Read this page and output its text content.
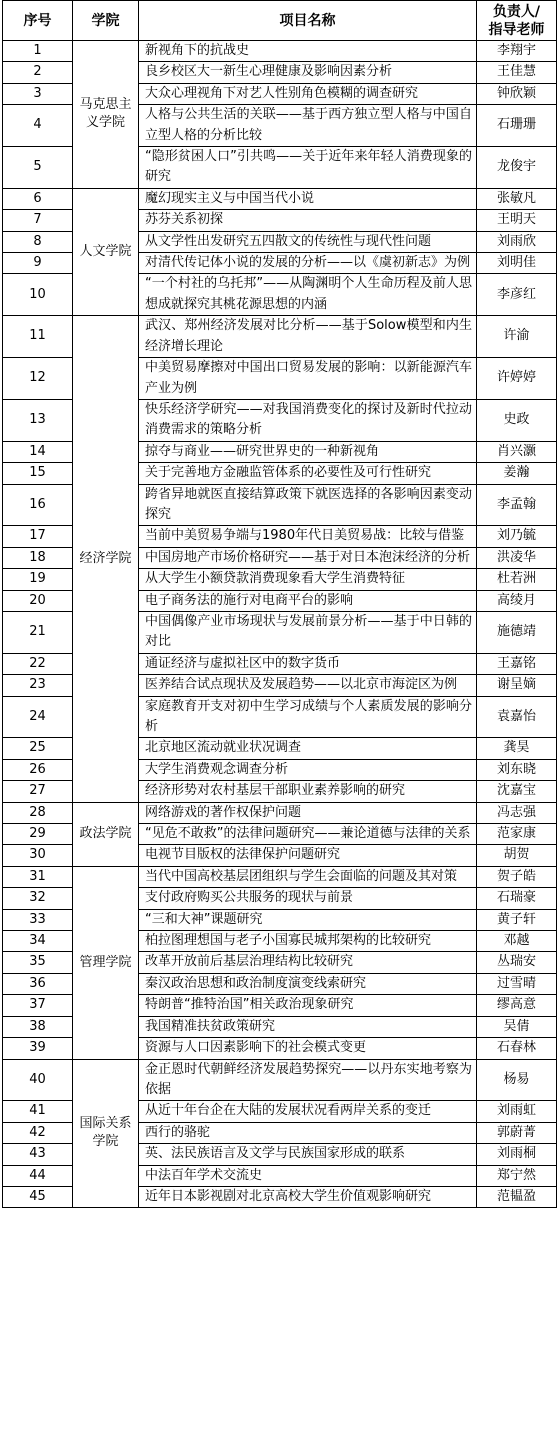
序号	学院	项目名称	负责人/
指导老师
1	马克思主义学院	新视角下的抗战史	李翔宇
2		良乡校区大一新生心理健康及影响因素分析	王佳慧
3		大众心理视角下对艺人性别角色模糊的调查研究	钟欣颖
4		人格与公共生活的关联——基于西方独立型人格与中国自立型人格的分析比较	石珊珊
5		“隐形贫困人口”引共鸣——关于近年来年轻人消费现象的研究	龙俊宇
6	人文学院	魔幻现实主义与中国当代小说	张敏凡
7		苏芬关系初探	王明天
8		从文学性出发研究五四散文的传统性与现代性问题	刘雨欣
9		对清代传记体小说的发展的分析——以《虞初新志》为例	刘明佳
10		“一个村社的乌托邦”——从陶渊明个人生命历程及前人思想成就探究其桃花源思想的内涵	李彦红
11	经济学院	武汉、郑州经济发展对比分析——基于Solow模型和内生经济增长理论	许渝
12		中美贸易摩擦对中国出口贸易发展的影响：以新能源汽车产业为例	许婷婷
13		快乐经济学研究——对我国消费变化的探讨及新时代拉动消费需求的策略分析	史政
14		掠夺与商业——研究世界史的一种新视角	肖兴灏
15		关于完善地方金融监管体系的必要性及可行性研究	姜瀚
16		跨省异地就医直接结算政策下就医选择的各影响因素变动探究	李孟翰
17		当前中美贸易争端与1980年代日美贸易战：比较与借鉴	刘乃毓
18		中国房地产市场价格研究——基于对日本泡沫经济的分析	洪凌华
19		从大学生小额贷款消费现象看大学生消费特征	杜若洲
20		电子商务法的施行对电商平台的影响	高绫月
21		中国偶像产业市场现状与发展前景分析——基于中日韩的对比	施德靖
22		通证经济与虚拟社区中的数字货币	王嘉铭
23		医养结合试点现状及发展趋势——以北京市海淀区为例	谢呈嫡
24		家庭教育开支对初中生学习成绩与个人素质发展的影响分析	袁嘉怡
25		北京地区流动就业状况调查	龚昊
26		大学生消费观念调查分析	刘东晓
27		经济形势对农村基层干部职业素养影响的研究	沈嘉宝
28	政法学院	网络游戏的著作权保护问题	冯志强
29		“见危不敢救”的法律问题研究——兼论道德与法律的关系	范家康
30		电视节目版权的法律保护问题研究	胡贺
31	管理学院	当代中国高校基层团组织与学生会面临的问题及其对策	贺子皓
32		支付政府购买公共服务的现状与前景	石瑞豪
33		“三和大神”课题研究	黄子轩
34		柏拉图理想国与老子小国寡民城邦架构的比较研究	邓越
35		改革开放前后基层治理结构比较研究	丛瑞安
36		秦汉政治思想和政治制度演变线索研究	过雪晴
37		特朗普“推特治国”相关政治现象研究	缪高意
38		我国精准扶贫政策研究	吴倩
39		资源与人口因素影响下的社会模式变更	石春林
40	国际关系学院	金正恩时代朝鲜经济发展趋势探究——以丹东实地考察为依据	杨易
41		从近十年台企在大陆的发展状况看两岸关系的变迁	刘雨虹
42		西行的骆驼	郭蔚菁
43		英、法民族语言及文学与民族国家形成的联系	刘雨桐
44		中法百年学术交流史	郑宁然
45		近年日本影视剧对北京高校大学生价值观影响研究	范韫盈
